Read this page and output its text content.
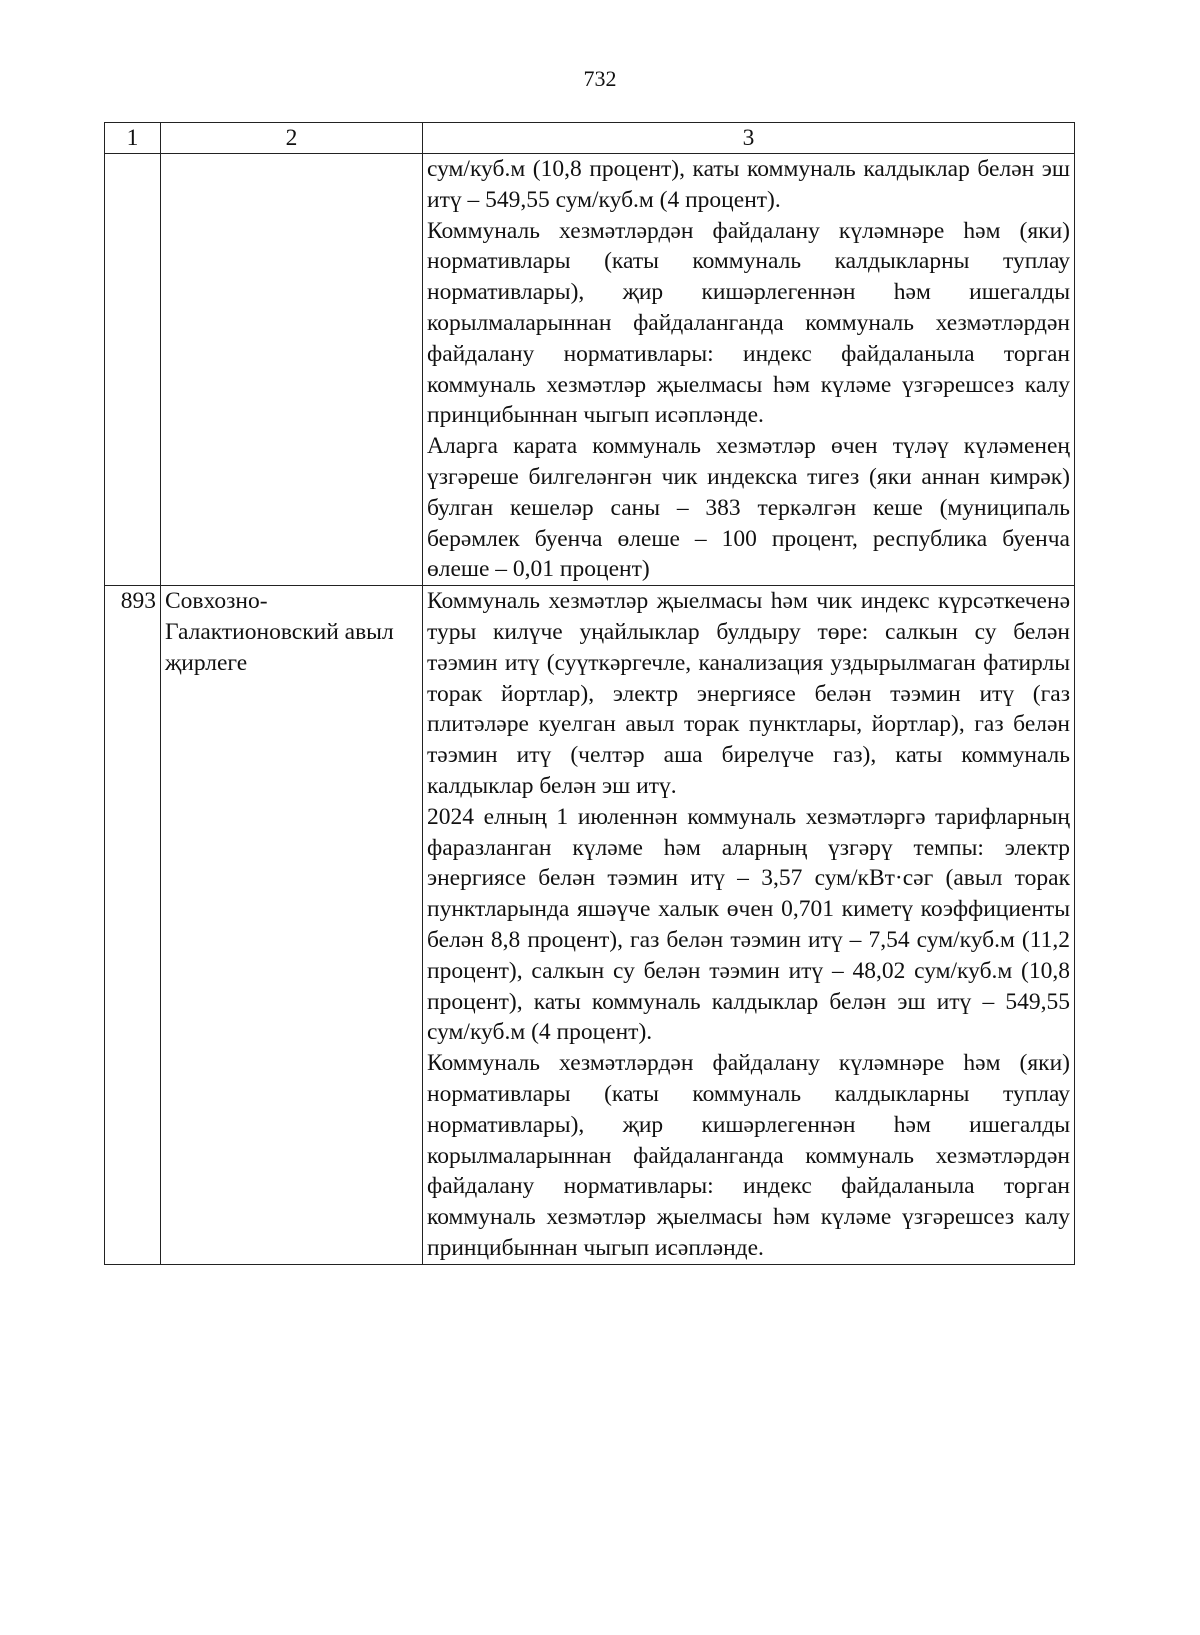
732
1	2	3

		сум/куб.м (10,8 процент), каты коммуналь калдыклар белән эш итү – 549,55 сум/куб.м (4 процент).

Коммуналь хезмәтләрдән файдалану күләмнәре һәм (яки) нормативлары (каты коммуналь калдыкларны туплау нормативлары), җир кишәрлегеннән һәм ишегалды корылмаларыннан файдаланганда коммуналь хезмәтләрдән файдалану нормативлары: индекс файдаланыла торган коммуналь хезмәтләр җыелмасы һәм күләме үзгәрешсез калу принцибыннан чыгып исәпләнде.

Аларга карата коммуналь хезмәтләр өчен түләү күләменең үзгәреше билгеләнгән чик индекска тигез (яки аннан кимрәк) булган кешеләр саны – 383 теркәлгән кеше (муниципаль берәмлек буенча өлеше – 100 процент, республика буенча өлеше – 0,01 процент)

893	Совхозно-Галактионовский авыл җирлеге	Коммуналь хезмәтләр җыелмасы һәм чик индекс күрсәткеченә туры килүче уңайлыклар булдыру төре: салкын су белән тәэмин итү (суүткәргечле, канализация уздырылмаган фатирлы торак йортлар), электр энергиясе белән тәэмин итү (газ плитәләре куелган авыл торак пунктлары, йортлар), газ белән тәэмин итү (челтәр аша бирелүче газ), каты коммуналь калдыклар белән эш итү.

2024 елның 1 июленнән коммуналь хезмәтләргә тарифларның фаразланган күләме һәм аларның үзгәрү темпы: электр энергиясе белән тәэмин итү – 3,57 сум/кВт·сәг (авыл торак пунктларында яшәүче халык өчен 0,701 киметү коэффициенты белән 8,8 процент), газ белән тәэмин итү – 7,54 сум/куб.м (11,2 процент), салкын су белән тәэмин итү – 48,02 сум/куб.м (10,8 процент), каты коммуналь калдыклар белән эш итү – 549,55 сум/куб.м (4 процент).

Коммуналь хезмәтләрдән файдалану күләмнәре һәм (яки) нормативлары (каты коммуналь калдыкларны туплау нормативлары), җир кишәрлегеннән һәм ишегалды корылмаларыннан файдаланганда коммуналь хезмәтләрдән файдалану нормативлары: индекс файдаланыла торган коммуналь хезмәтләр җыелмасы һәм күләме үзгәрешсез калу принцибыннан чыгып исәпләнде.
